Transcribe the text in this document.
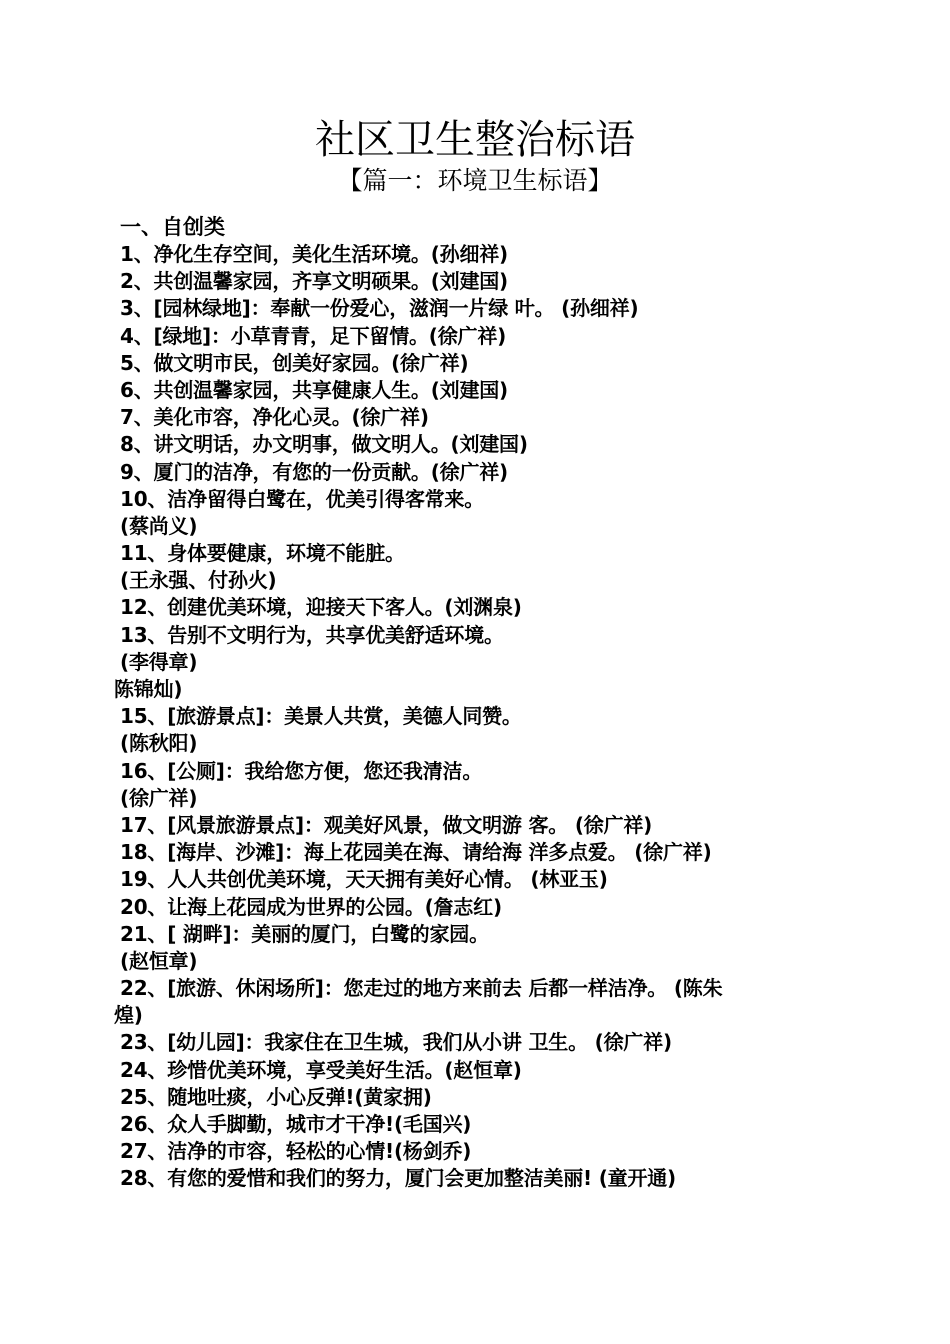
社区卫生整治标语
【篇一：环境卫生标语】
一、自创类
1、净化生存空间，美化生活环境。(孙细祥)
2、共创温馨家园，齐享文明硕果。(刘建国)
3、[园林绿地]：奉献一份爱心，滋润一片绿 叶。 (孙细祥)
4、[绿地]：小草青青，足下留情。(徐广祥)
5、做文明市民，创美好家园。(徐广祥)
6、共创温馨家园，共享健康人生。(刘建国)
7、美化市容，净化心灵。(徐广祥)
8、讲文明话，办文明事，做文明人。(刘建国)
9、厦门的洁净，有您的一份贡献。(徐广祥)
10、洁净留得白鹭在，优美引得客常来。
(蔡尚义)
11、身体要健康，环境不能脏。
(王永强、付孙火)
12、创建优美环境，迎接天下客人。(刘渊泉)
13、告别不文明行为，共享优美舒适环境。
(李得章)
陈锦灿)
15、[旅游景点]：美景人共赏，美德人同赞。
(陈秋阳)
16、[公厕]：我给您方便，您还我清洁。
(徐广祥)
17、[风景旅游景点]：观美好风景，做文明游 客。 (徐广祥)
18、[海岸、沙滩]：海上花园美在海、请给海 洋多点爱。 (徐广祥)
19、人人共创优美环境，天天拥有美好心情。 (林亚玉)
20、让海上花园成为世界的公园。(詹志红)
21、[ 湖畔]：美丽的厦门，白鹭的家园。
(赵恒章)
22、[旅游、休闲场所]：您走过的地方来前去 后都一样洁净。 (陈朱
煌)
23、[幼儿园]：我家住在卫生城，我们从小讲 卫生。 (徐广祥)
24、珍惜优美环境，享受美好生活。(赵恒章)
25、随地吐痰，小心反弹!(黄家拥)
26、众人手脚勤，城市才干净!(毛国兴)
27、洁净的市容，轻松的心情!(杨剑乔)
28、有您的爱惜和我们的努力，厦门会更加整洁美丽! (童开通)
